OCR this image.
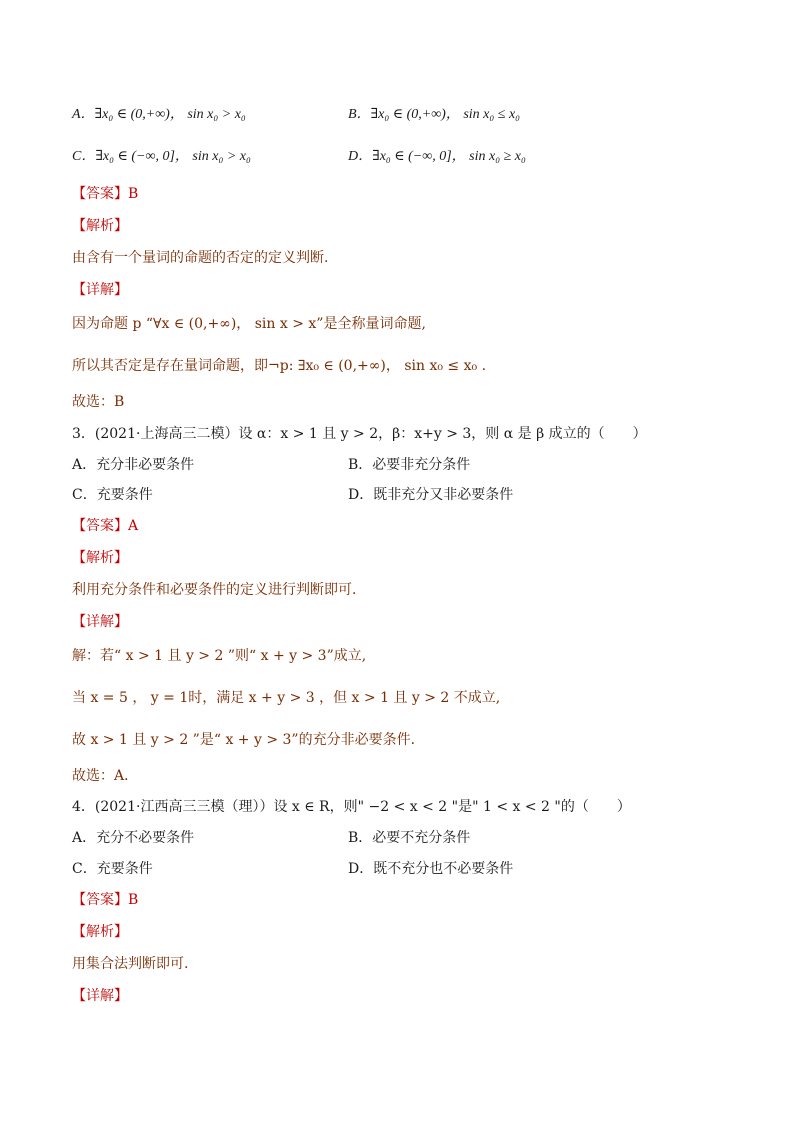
A．∃x₀ ∈ (0,+∞)， sin x₀ > x₀	B．∃x₀ ∈ (0,+∞)， sin x₀ ≤ x₀
C．∃x₀ ∈ (−∞, 0]， sin x₀ > x₀	D．∃x₀ ∈ (−∞, 0]， sin x₀ ≥ x₀
【答案】B
【解析】
由含有一个量词的命题的否定的定义判断.
【详解】
因为命题 p “∀x ∈ (0,+∞)， sin x > x”是全称量词命题,
所以其否定是存在量词命题，即¬p: ∃x₀ ∈ (0,+∞)， sin x₀ ≤ x₀ .
故选：B
3．(2021·上海高三二模）设 α：x > 1 且 y > 2，β：x+y > 3，则 α 是 β 成立的（　　）
A．充分非必要条件	B．必要非充分条件
C．充要条件	D．既非充分又非必要条件
【答案】A
【解析】
利用充分条件和必要条件的定义进行判断即可．
【详解】
解：若“ x > 1 且 y > 2 ”则“ x + y > 3”成立,
当 x = 5 ， y = 1时，满足 x + y > 3 ，但 x > 1 且 y > 2 不成立,
故 x > 1 且 y > 2 ”是“ x + y > 3”的充分非必要条件．
故选：A．
4．(2021·江西高三三模（理））设 x ∈ R，则" −2 < x < 2 "是" 1 < x < 2 "的（　　）
A．充分不必要条件	B．必要不充分条件
C．充要条件	D．既不充分也不必要条件
【答案】B
【解析】
用集合法判断即可.
【详解】
